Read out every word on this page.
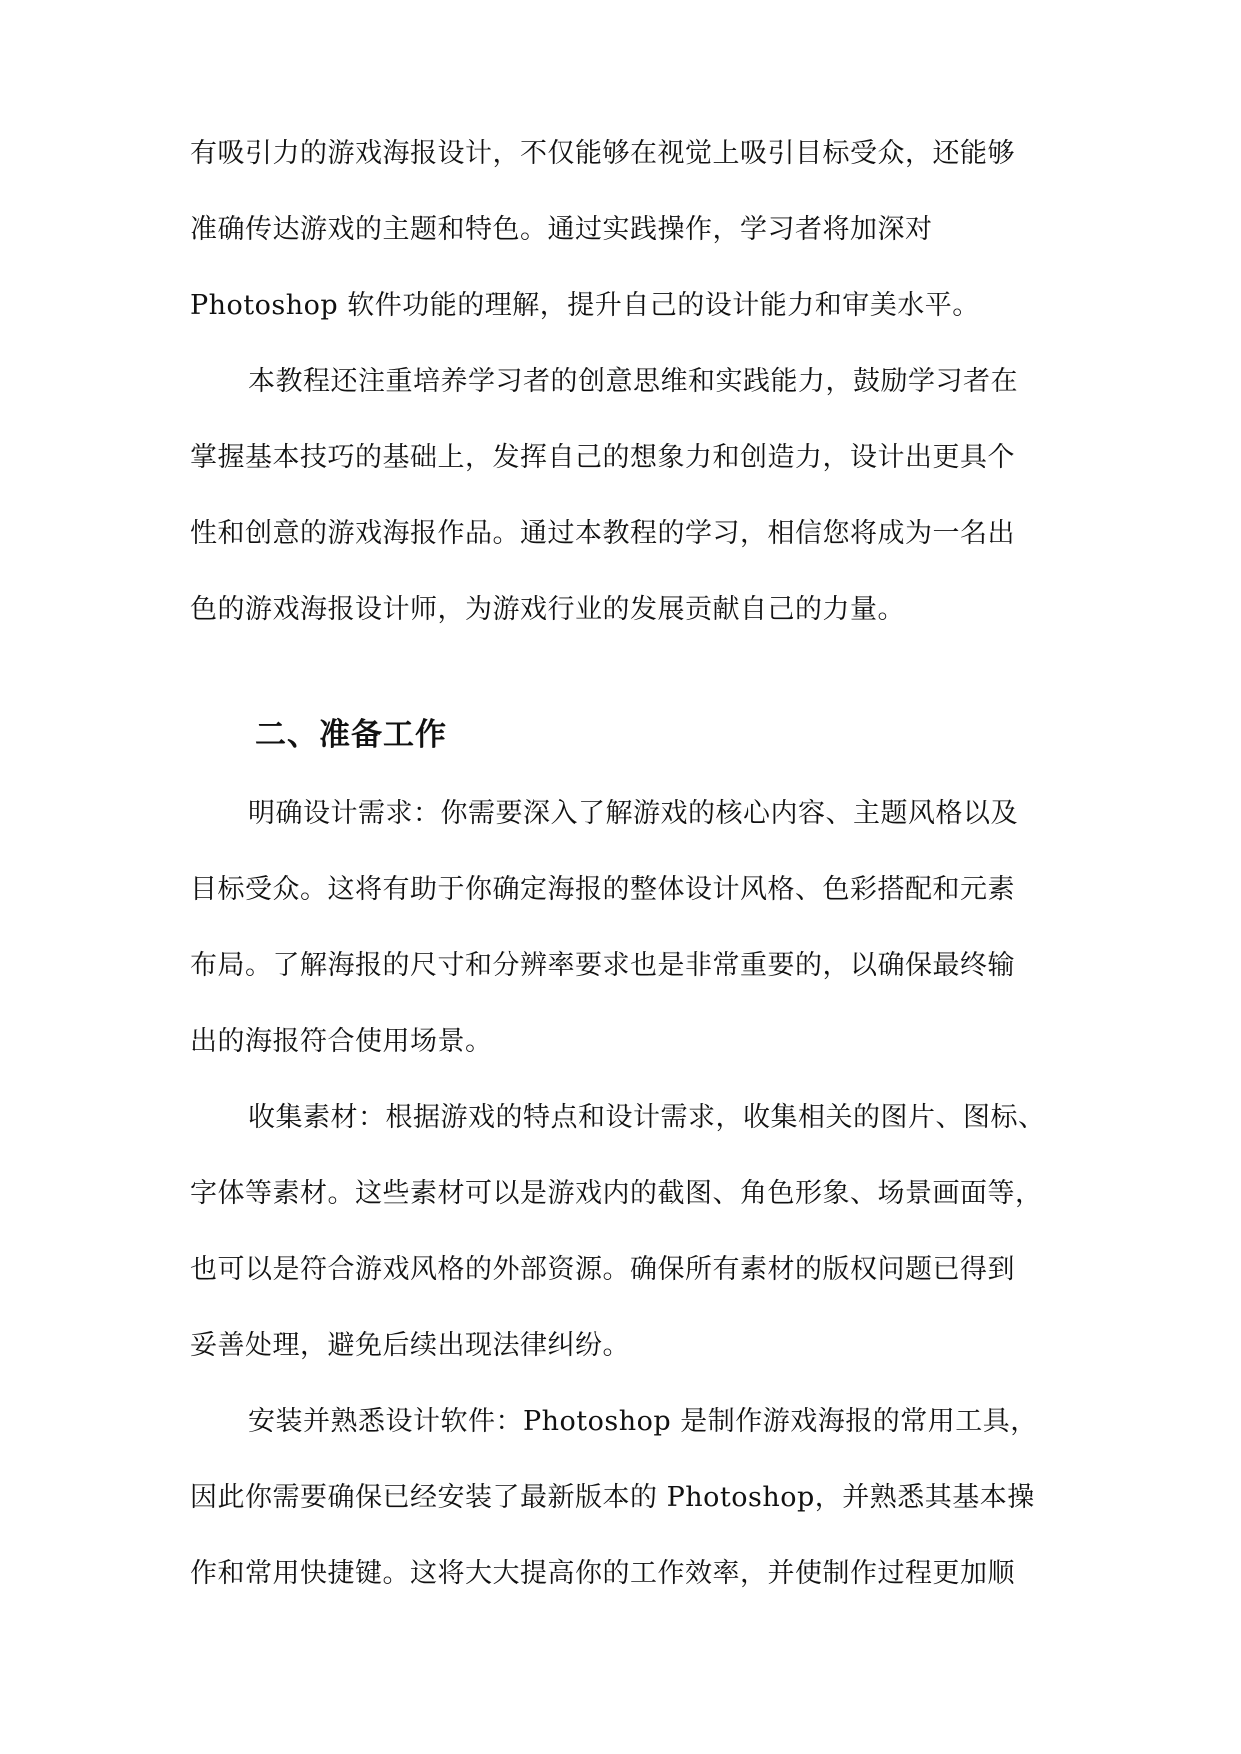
有吸引力的游戏海报设计，不仅能够在视觉上吸引目标受众，还能够
准确传达游戏的主题和特色。通过实践操作，学习者将加深对
Photoshop 软件功能的理解，提升自己的设计能力和审美水平。
本教程还注重培养学习者的创意思维和实践能力，鼓励学习者在
掌握基本技巧的基础上，发挥自己的想象力和创造力，设计出更具个
性和创意的游戏海报作品。通过本教程的学习，相信您将成为一名出
色的游戏海报设计师，为游戏行业的发展贡献自己的力量。
二、准备工作
明确设计需求：你需要深入了解游戏的核心内容、主题风格以及
目标受众。这将有助于你确定海报的整体设计风格、色彩搭配和元素
布局。了解海报的尺寸和分辨率要求也是非常重要的，以确保最终输
出的海报符合使用场景。
收集素材：根据游戏的特点和设计需求，收集相关的图片、图标、
字体等素材。这些素材可以是游戏内的截图、角色形象、场景画面等，
也可以是符合游戏风格的外部资源。确保所有素材的版权问题已得到
妥善处理，避免后续出现法律纠纷。
安装并熟悉设计软件：Photoshop 是制作游戏海报的常用工具，
因此你需要确保已经安装了最新版本的 Photoshop，并熟悉其基本操
作和常用快捷键。这将大大提高你的工作效率，并使制作过程更加顺
